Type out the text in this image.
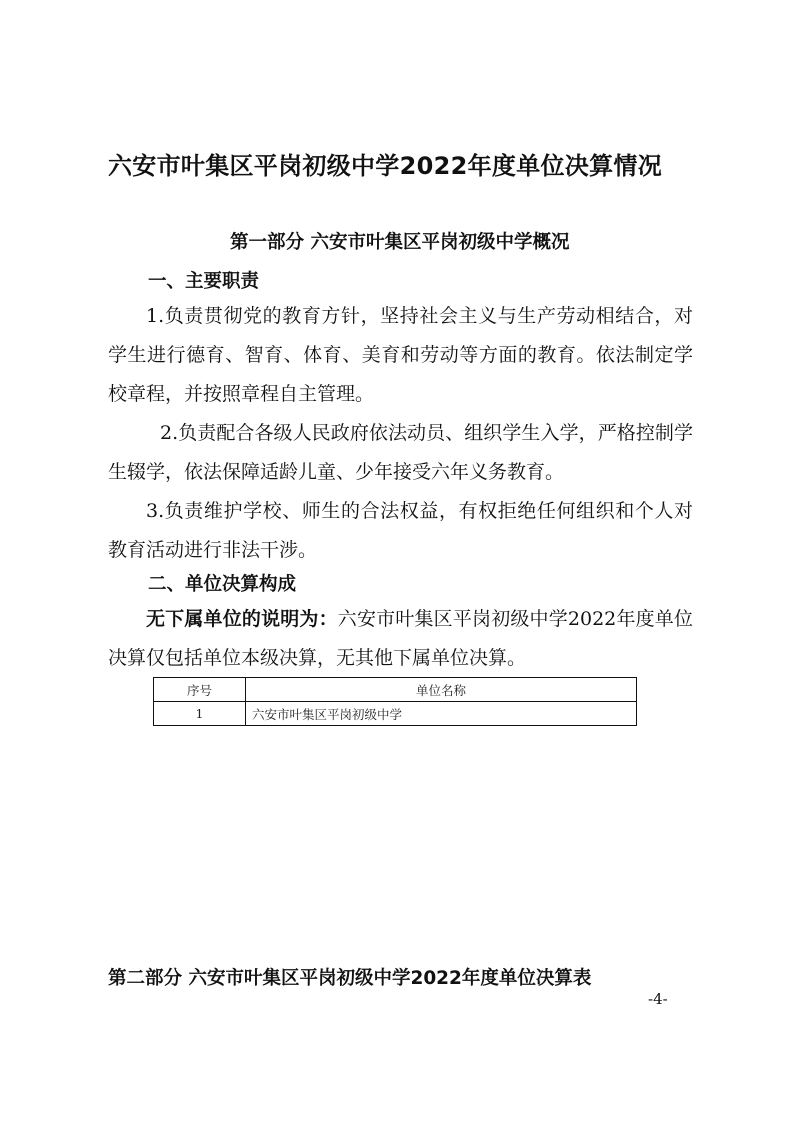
六安市叶集区平岗初级中学2022年度单位决算情况
第一部分 六安市叶集区平岗初级中学概况
一、主要职责
1.负责贯彻党的教育方针，坚持社会主义与生产劳动相结合，对学生进行德育、智育、体育、美育和劳动等方面的教育。依法制定学校章程，并按照章程自主管理。
2.负责配合各级人民政府依法动员、组织学生入学，严格控制学生辍学，依法保障适龄儿童、少年接受六年义务教育。
3.负责维护学校、师生的合法权益，有权拒绝任何组织和个人对教育活动进行非法干涉。
二、单位决算构成
无下属单位的说明为：六安市叶集区平岗初级中学2022年度单位决算仅包括单位本级决算，无其他下属单位决算。
序号	单位名称
1	六安市叶集区平岗初级中学
第二部分 六安市叶集区平岗初级中学2022年度单位决算表
-4-
